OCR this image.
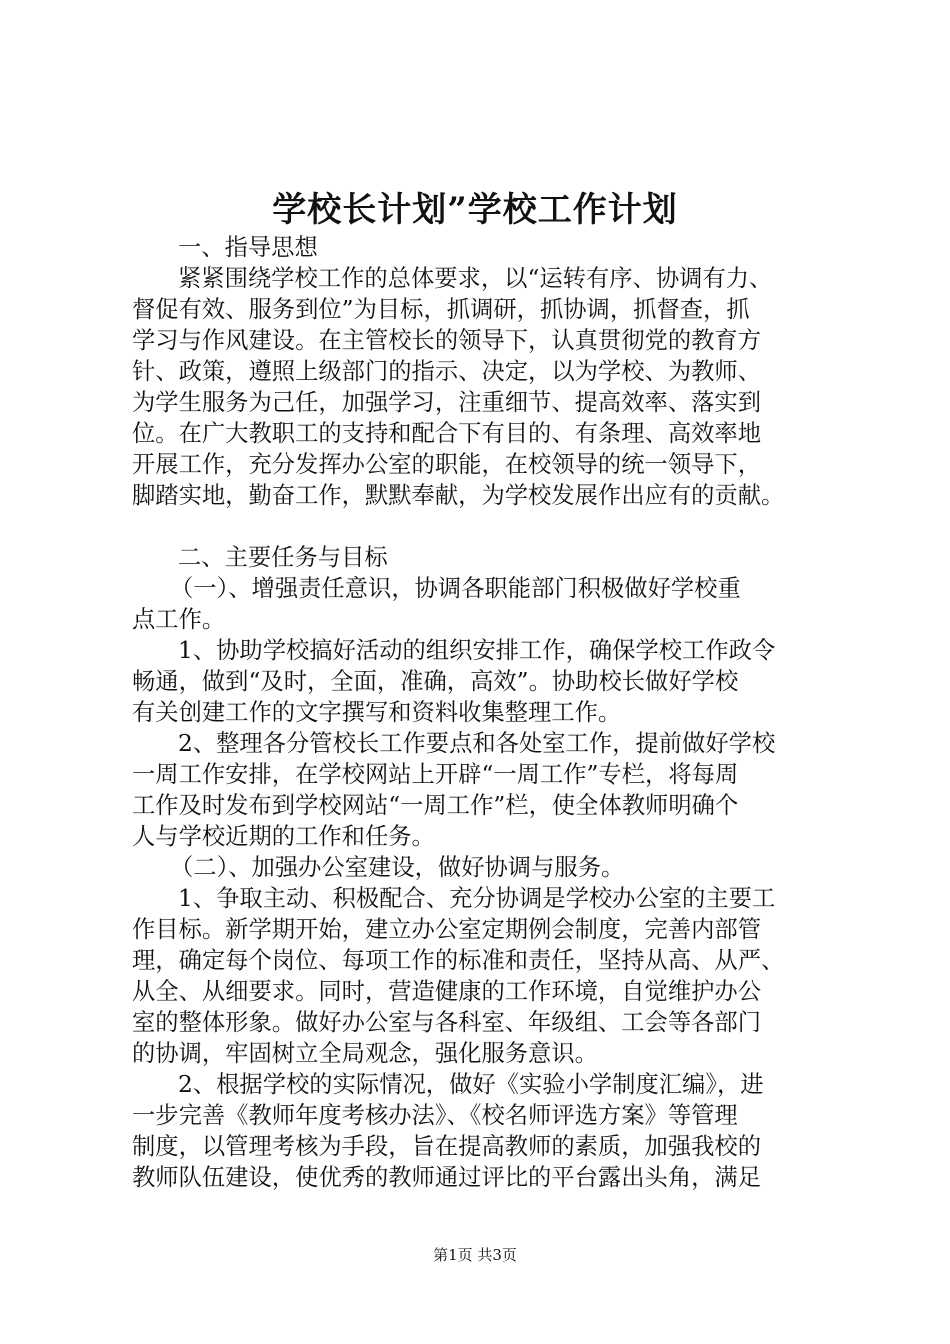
学校长计划”学校工作计划
一、指导思想
紧紧围绕学校工作的总体要求，以“运转有序、协调有力、
督促有效、服务到位”为目标，抓调研，抓协调，抓督查，抓
学习与作风建设。在主管校长的领导下，认真贯彻党的教育方
针、政策，遵照上级部门的指示、决定，以为学校、为教师、
为学生服务为己任，加强学习，注重细节、提高效率、落实到
位。在广大教职工的支持和配合下有目的、有条理、高效率地
开展工作，充分发挥办公室的职能，在校领导的统一领导下，
脚踏实地，勤奋工作，默默奉献，为学校发展作出应有的贡献。
二、主要任务与目标
（一）、增强责任意识，协调各职能部门积极做好学校重
点工作。
1、协助学校搞好活动的组织安排工作，确保学校工作政令
畅通，做到“及时，全面，准确，高效”。协助校长做好学校
有关创建工作的文字撰写和资料收集整理工作。
2、整理各分管校长工作要点和各处室工作，提前做好学校
一周工作安排，在学校网站上开辟“一周工作”专栏，将每周
工作及时发布到学校网站“一周工作”栏，使全体教师明确个
人与学校近期的工作和任务。
（二）、加强办公室建设，做好协调与服务。
1、争取主动、积极配合、充分协调是学校办公室的主要工
作目标。新学期开始，建立办公室定期例会制度，完善内部管
理，确定每个岗位、每项工作的标准和责任，坚持从高、从严、
从全、从细要求。同时，营造健康的工作环境，自觉维护办公
室的整体形象。做好办公室与各科室、年级组、工会等各部门
的协调，牢固树立全局观念，强化服务意识。
2、根据学校的实际情况，做好《实验小学制度汇编》，进
一步完善《教师年度考核办法》、《校名师评选方案》等管理
制度，以管理考核为手段，旨在提高教师的素质，加强我校的
教师队伍建设，使优秀的教师通过评比的平台露出头角，满足
第1页 共3页
